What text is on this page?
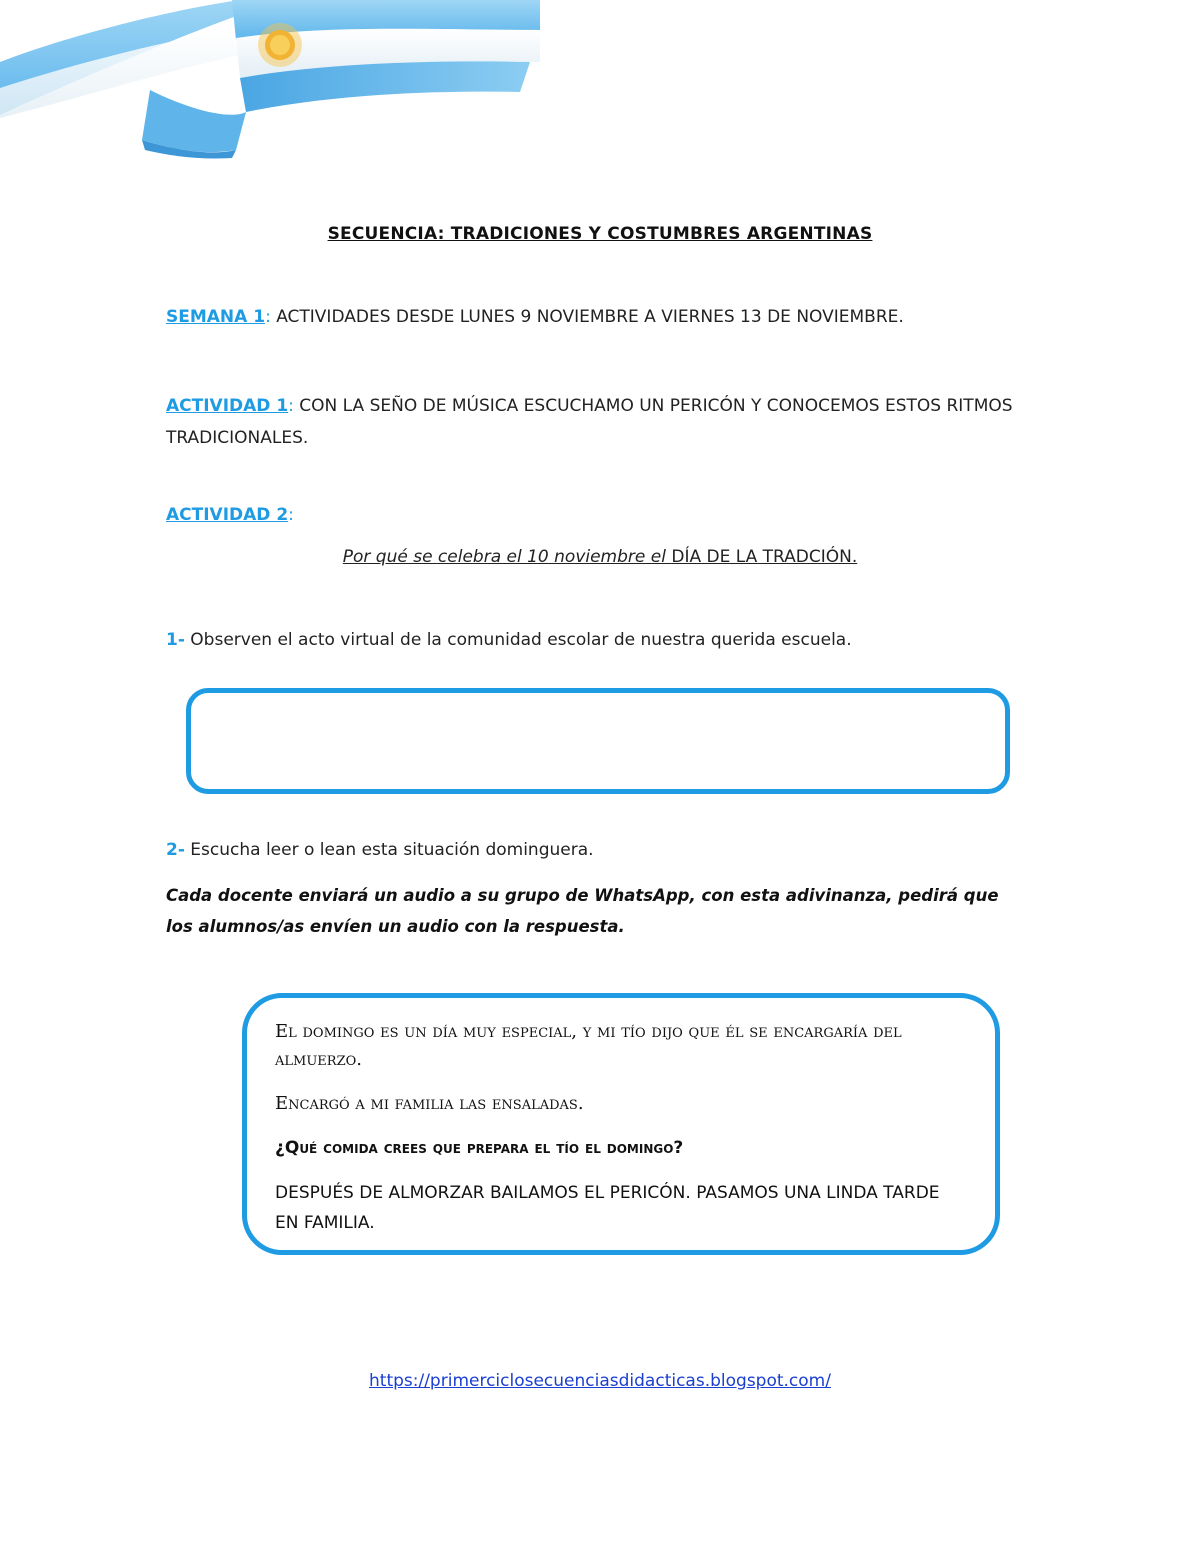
SECUENCIA: TRADICIONES Y COSTUMBRES ARGENTINAS
SEMANA 1: ACTIVIDADES DESDE LUNES 9 NOVIEMBRE A VIERNES 13 DE NOVIEMBRE.
ACTIVIDAD 1: CON LA SEÑO DE MÚSICA ESCUCHAMO UN PERICÓN Y CONOCEMOS ESTOS RITMOS TRADICIONALES.
ACTIVIDAD 2:
Por qué se celebra el 10 noviembre el DÍA DE LA TRADCIÓN.
1- Observen el acto virtual de la comunidad escolar de nuestra querida escuela.
2- Escucha leer o lean esta situación dominguera.
Cada docente enviará un audio a su grupo de WhatsApp, con esta adivinanza, pedirá que los alumnos/as envíen un audio con la respuesta.
El domingo es un día muy especial, y mi tío dijo que él se encargaría del almuerzo.
Encargó a mi familia las ensaladas.
¿Qué comida crees que prepara el tío el domingo?
DESPUÉS DE ALMORZAR BAILAMOS EL PERICÓN. PASAMOS UNA LINDA TARDE EN FAMILIA.
https://primerciclosecuenciasdidacticas.blogspot.com/
